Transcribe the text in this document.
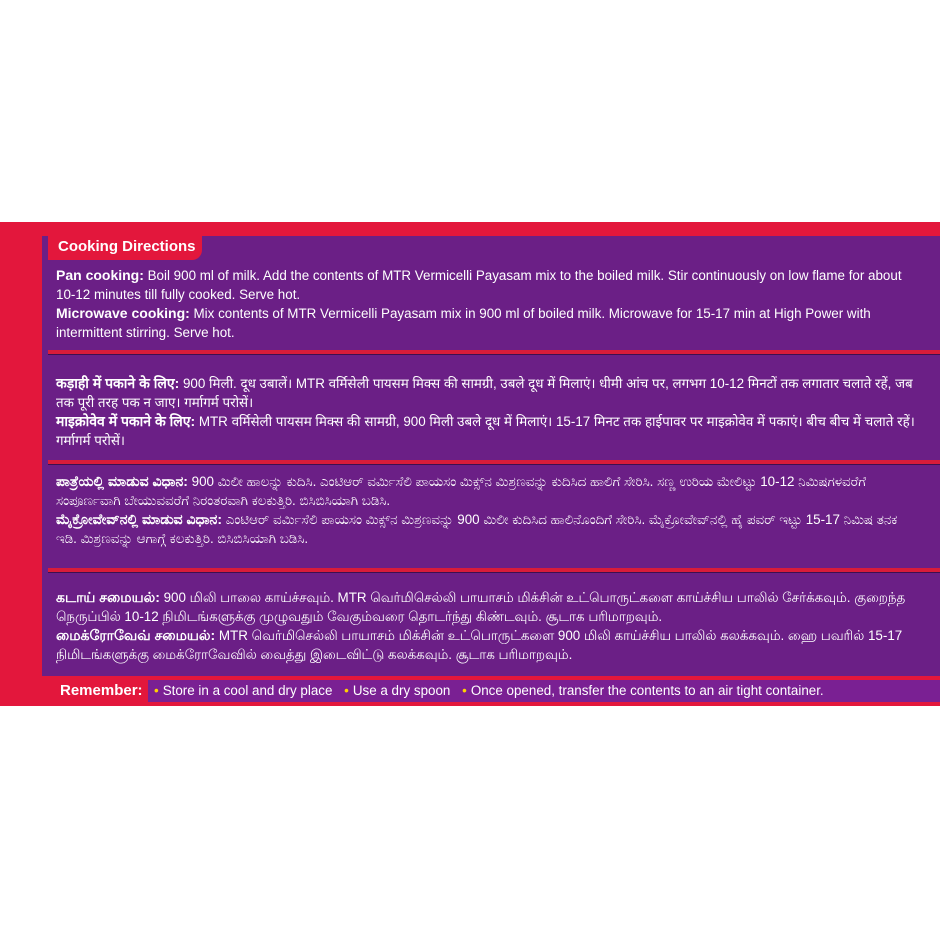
Cooking Directions

Pan cooking: Boil 900 ml of milk. Add the contents of MTR Vermicelli Payasam mix to the boiled milk. Stir continuously on low flame for about 10-12 minutes till fully cooked. Serve hot.

Microwave cooking: Mix contents of MTR Vermicelli Payasam mix in 900 ml of boiled milk. Microwave for 15-17 min at High Power with intermittent stirring. Serve hot.

कड़ाही में पकाने के लिए: 900 मिली. दूध उबालें। MTR वर्मिसेली पायसम मिक्स की सामग्री, उबले दूध में मिलाएं। धीमी आंच पर, लगभग 10-12 मिनटों तक लगातार चलाते रहें, जब तक पूरी तरह पक न जाए। गर्मागर्म परोसें।

माइक्रोवेव में पकाने के लिए: MTR वर्मिसेली पायसम मिक्स की सामग्री, 900 मिली उबले दूध में मिलाएं। 15-17 मिनट तक हाईपावर पर माइक्रोवेव में पकाएं। बीच बीच में चलाते रहें। गर्मागर्म परोसें।

ಪಾತ್ರೆಯಲ್ಲಿ ಮಾಡುವ ವಿಧಾನ: 900 ಮಿಲೀ ಹಾಲನ್ನು ಕುದಿಸಿ. ಎಂಟಿಆರ್ ವರ್ಮಿಸೆಲಿ ಪಾಯಸಂ ಮಿಕ್ಸ್‌ನ ಮಿಶ್ರಣವನ್ನು ಕುದಿಸಿದ ಹಾಲಿಗೆ ಸೇರಿಸಿ. ಸಣ್ಣ ಉರಿಯ ಮೇಲಿಟ್ಟು 10-12 ನಿಮಿಷಗಳವರೆಗೆ ಸಂಪೂರ್ಣವಾಗಿ ಬೇಯುವವರೆಗೆ ನಿರಂತರವಾಗಿ ಕಲಕುತ್ತಿರಿ. ಬಿಸಿಬಿಸಿಯಾಗಿ ಬಡಿಸಿ.

ಮೈಕ್ರೋವೇವ್‌ನಲ್ಲಿ ಮಾಡುವ ವಿಧಾನ: ಎಂಟಿಆರ್ ವರ್ಮಿಸೆಲಿ ಪಾಯಸಂ ಮಿಕ್ಸ್‌ನ ಮಿಶ್ರಣವನ್ನು 900 ಮಿಲೀ ಕುದಿಸಿದ ಹಾಲಿನೊಂದಿಗೆ ಸೇರಿಸಿ. ಮೈಕ್ರೋವೇವ್‌ನಲ್ಲಿ ಹೈ ಪವರ್ ಇಟ್ಟು 15-17 ನಿಮಿಷ ತನಕ ಇಡಿ. ಮಿಶ್ರಣವನ್ನು ಆಗಾಗ್ಗೆ ಕಲಕುತ್ತಿರಿ. ಬಿಸಿಬಿಸಿಯಾಗಿ ಬಡಿಸಿ.

கடாய் சமையல்: 900 மிலி பாலை காய்ச்சவும். MTR வெர்மிசெல்லி பாயாசம் மிக்சின் உட்பொருட்களை காய்ச்சிய பாலில் சேர்க்கவும். குறைந்த நெருப்பில் 10-12 நிமிடங்களுக்கு முழுவதும் வேகும்வரை தொடர்ந்து கிண்டவும். சூடாக பரிமாறவும்.

மைக்ரோவேவ் சமையல்: MTR வெர்மிசெல்லி பாயாசம் மிக்சின் உட்பொருட்களை 900 மிலி காய்ச்சிய பாலில் கலக்கவும். ஹை பவரில் 15-17 நிமிடங்களுக்கு மைக்ரோவேவில் வைத்து இடைவிட்டு கலக்கவும். சூடாக பரிமாறவும்.

Remember: • Store in a cool and dry place • Use a dry spoon • Once opened, transfer the contents to an air tight container.
